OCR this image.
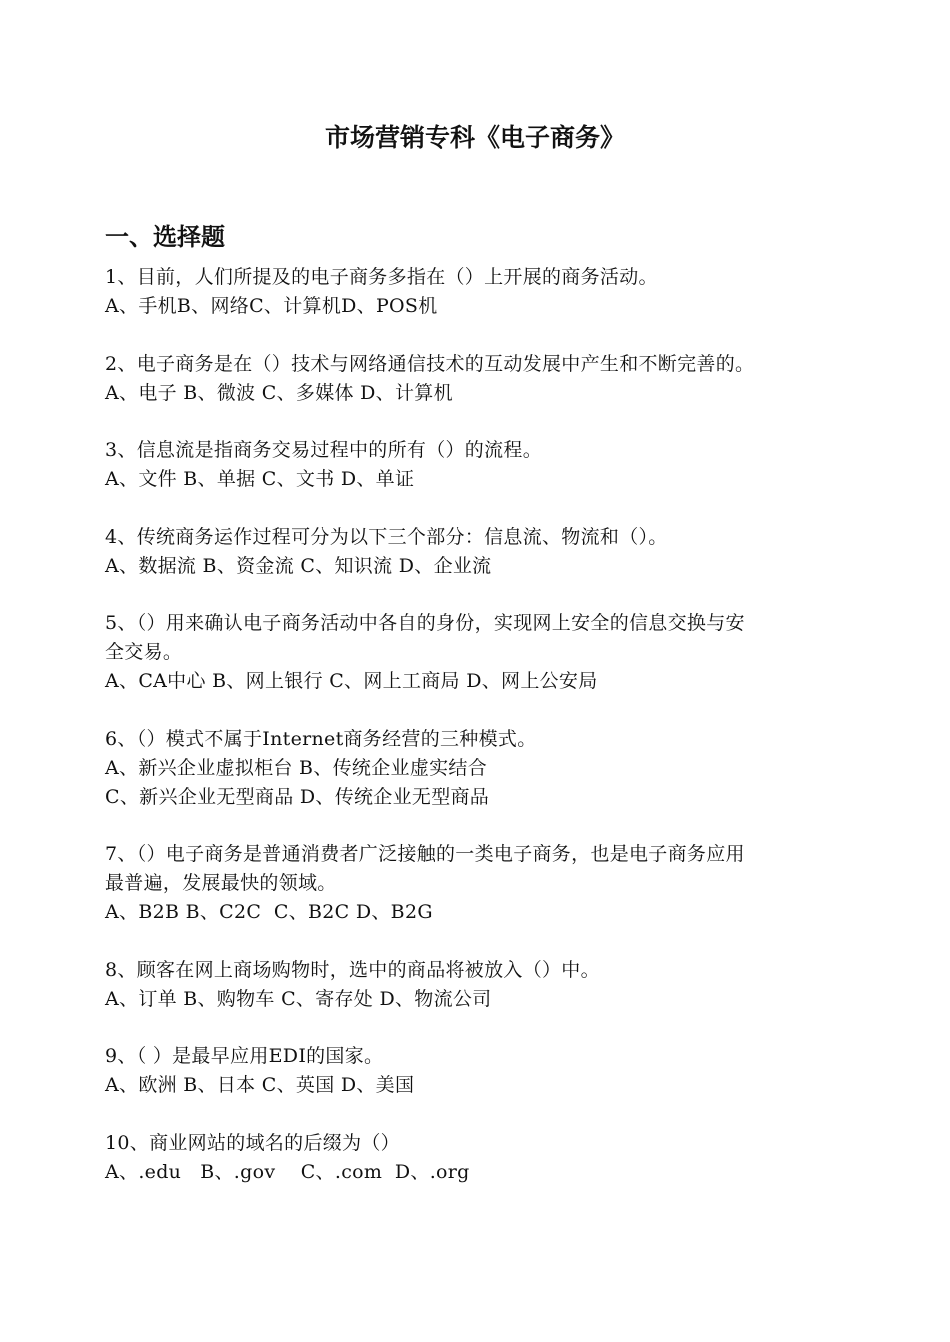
市场营销专科《电子商务》
一、选择题

1、目前，人们所提及的电子商务多指在（）上开展的商务活动。

A、手机B、网络C、计算机D、POS机

2、电子商务是在（）技术与网络通信技术的互动发展中产生和不断完善的。

A、电子 B、微波 C、多媒体 D、计算机

3、信息流是指商务交易过程中的所有（）的流程。

A、文件 B、单据 C、文书 D、单证

4、传统商务运作过程可分为以下三个部分：信息流、物流和（）。

A、数据流 B、资金流 C、知识流 D、企业流

5、（）用来确认电子商务活动中各自的身份，实现网上安全的信息交换与安

全交易。

A、CA中心 B、网上银行 C、网上工商局 D、网上公安局

6、（）模式不属于Internet商务经营的三种模式。

A、新兴企业虚拟柜台 B、传统企业虚实结合

C、新兴企业无型商品 D、传统企业无型商品

7、（）电子商务是普通消费者广泛接触的一类电子商务，也是电子商务应用

最普遍，发展最快的领域。

A、B2B B、C2C  C、B2C D、B2G

8、顾客在网上商场购物时，选中的商品将被放入（）中。

A、订单 B、购物车 C、寄存处 D、物流公司

9、（ ）是最早应用EDI的国家。

A、欧洲 B、日本 C、英国 D、美国

10、商业网站的域名的后缀为（）

A、.edu   B、.gov    C、.com  D、.org
